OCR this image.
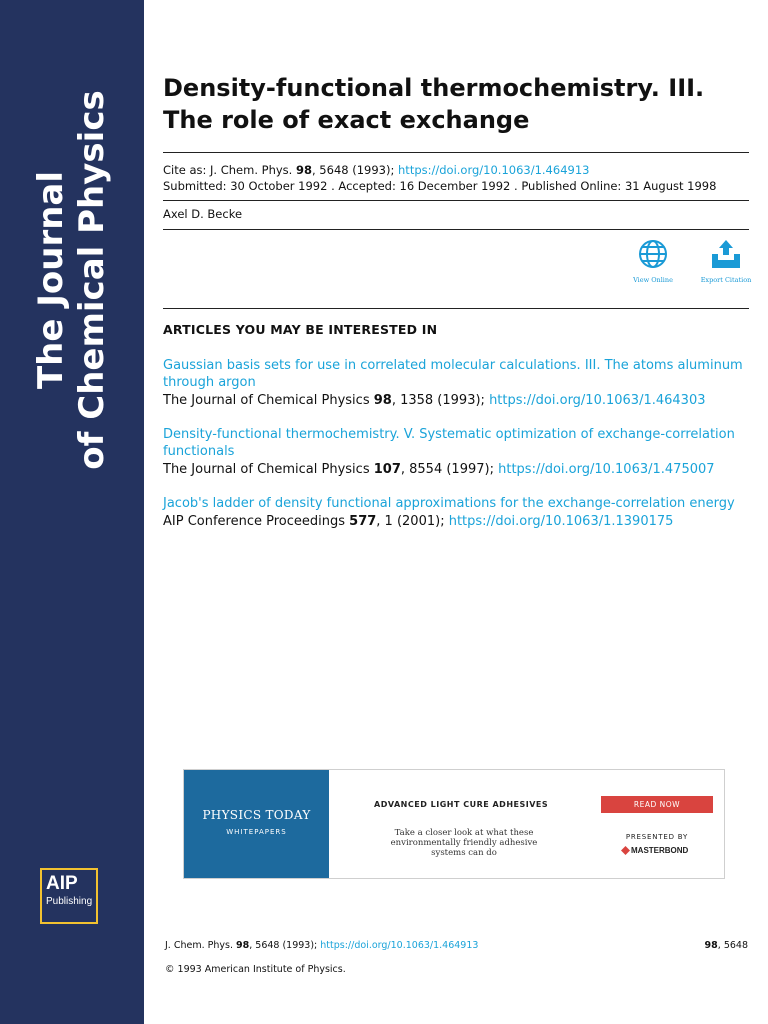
The Journal of Chemical Physics
AIP
Publishing
Density-functional thermochemistry. III. The role of exact exchange
Cite as: J. Chem. Phys. 98, 5648 (1993); https://doi.org/10.1063/1.464913
Submitted: 30 October 1992 . Accepted: 16 December 1992 . Published Online: 31 August 1998
Axel D. Becke
View Online	Export Citation
ARTICLES YOU MAY BE INTERESTED IN
Gaussian basis sets for use in correlated molecular calculations. III. The atoms aluminum through argon
The Journal of Chemical Physics 98, 1358 (1993); https://doi.org/10.1063/1.464303
Density-functional thermochemistry. V. Systematic optimization of exchange-correlation functionals
The Journal of Chemical Physics 107, 8554 (1997); https://doi.org/10.1063/1.475007
Jacob's ladder of density functional approximations for the exchange-correlation energy
AIP Conference Proceedings 577, 1 (2001); https://doi.org/10.1063/1.1390175
PHYSICS TODAY
WHITEPAPERS
ADVANCED LIGHT CURE ADHESIVES
Take a closer look at what these environmentally friendly adhesive systems can do
READ NOW
PRESENTED BY
MASTERBOND
J. Chem. Phys. 98, 5648 (1993); https://doi.org/10.1063/1.464913	98, 5648
© 1993 American Institute of Physics.
